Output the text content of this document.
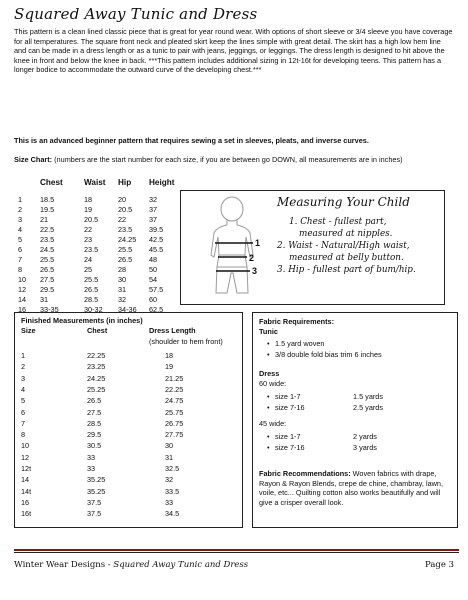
Squared Away Tunic and Dress
This pattern is a clean lined classic piece that is great for year round wear. With options of short sleeve or 3/4 sleeve you have coverage for all temperatures. The square front neck and pleated skirt keep the lines simple with great detail. The skirt has a high low hem line and can be made in a dress length or as a tunic to pair with jeans, jeggings, or leggings. The dress length is designed to hit above the knee in front and below the knee in back. ***This pattern includes additional sizing in 12t-16t for developing teens. This pattern has a longer bodice to accommodate the outward curve of the developing chest.***
This is an advanced beginner pattern that requires sewing a set in sleeves, pleats, and inverse curves.
Size Chart: (numbers are the start number for each size, if you are between go DOWN, all measurements are in inches)
Chest	Waist Hip Height
1 18.5	18	20	32
2 19.5	19	20.5 37
3 21	20.5	22	37
4 22.5	22	23.5 39.5
5 23.5	23	24.25 42.5
6 24.5	23.5	25.5 45.5
7 25.5	24	26.5 48
8 26.5	25	28	50
10 27.5	25.5	30	54
12 29.5	26.5	31	57.5
14 31	28.5	32	60
16 33-35	30-32 34-36 62.5
1
2
3
Measuring Your Child
1. Chest - fullest part,
measured at nipples.
2. Waist - Natural/High waist,
measured at belly button.
3. Hip - fullest part of bum/hip.
Finished Measurements (in inches)
Size	Chest	Dress Length
(shoulder to hem front)
1	22.25	18
2	23.25	19
3	24.25	21.25
4	25.25	22.25
5	26.5	24.75
6	27.5	25.75
7	28.5	26.75
8	29.5	27.75
10	30.5	30
12	33	31
12t	33	32.5
14	35.25	32
14t	35.25	33.5
16	37.5	33
16t	37.5	34.5
Fabric Requirements:
Tunic
• 1.5 yard woven
• 3/8 double fold bias trim 6 inches
Dress
60 wide:
• size 1-7	1.5 yards
• size 7-16	2.5 yards
45 wide:
• size 1-7	2 yards
• size 7-16	3 yards
Fabric Recommendations: Woven fabrics with drape, Rayon & Rayon Blends, crepe de chine, chambray, lawn, voile, etc... Quilting cotton also works beautifully and will give a crisper overall look.
Winter Wear Designs - Squared Away Tunic and Dress	Page 3
